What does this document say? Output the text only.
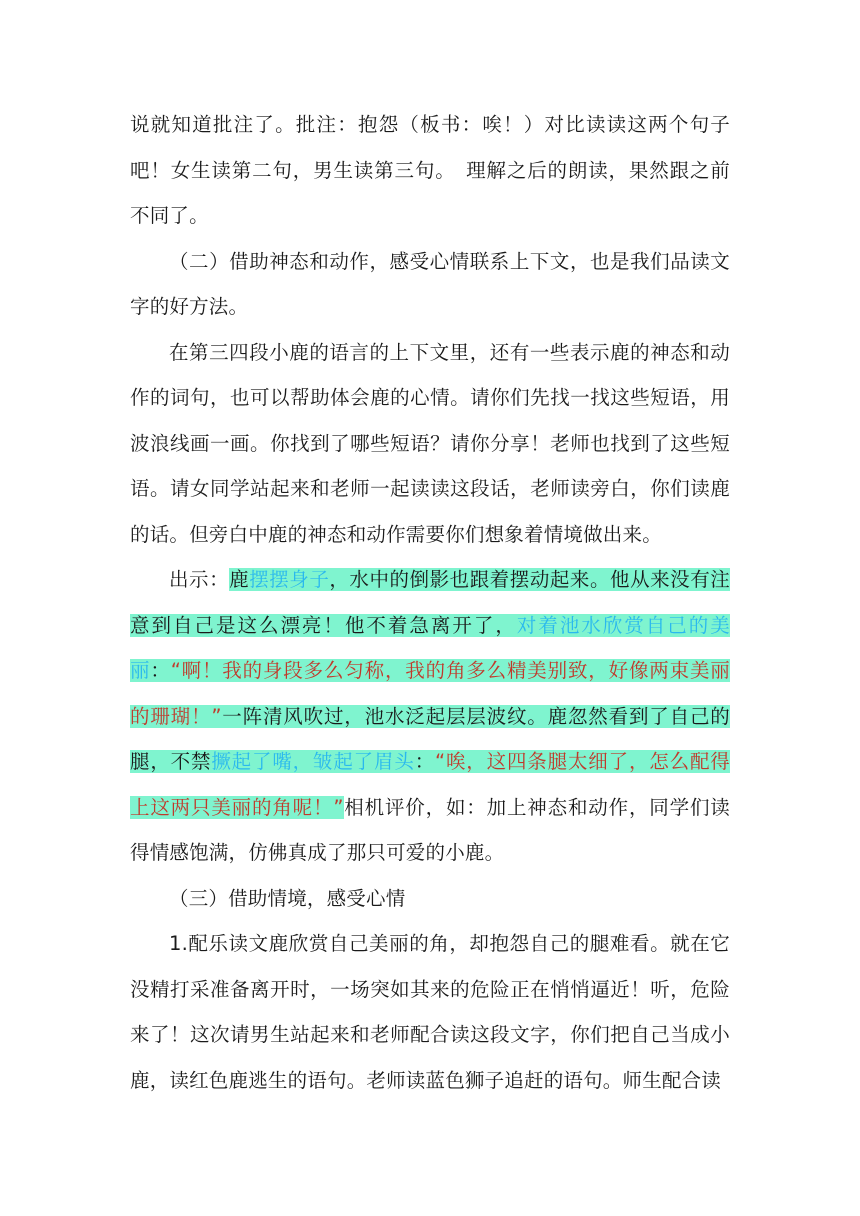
说就知道批注了。批注：抱怨（板书：唉！）对比读读这两个句子吧！女生读第二句，男生读第三句。　理解之后的朗读，果然跟之前不同了。

（二）借助神态和动作，感受心情联系上下文，也是我们品读文字的好方法。

在第三四段小鹿的语言的上下文里，还有一些表示鹿的神态和动作的词句，也可以帮助体会鹿的心情。请你们先找一找这些短语，用波浪线画一画。你找到了哪些短语？请你分享！老师也找到了这些短语。请女同学站起来和老师一起读读这段话，老师读旁白，你们读鹿的话。但旁白中鹿的神态和动作需要你们想象着情境做出来。

出示：鹿摆摆身子，水中的倒影也跟着摆动起来。他从来没有注意到自己是这么漂亮！他不着急离开了，对着池水欣赏自己的美丽：“啊！我的身段多么匀称，我的角多么精美别致，好像两束美丽的珊瑚！”一阵清风吹过，池水泛起层层波纹。鹿忽然看到了自己的腿，不禁撅起了嘴，皱起了眉头：“唉，这四条腿太细了，怎么配得上这两只美丽的角呢！”相机评价，如：加上神态和动作，同学们读得情感饱满，仿佛真成了那只可爱的小鹿。

（三）借助情境，感受心情

1.配乐读文鹿欣赏自己美丽的角，却抱怨自己的腿难看。就在它没精打采准备离开时，一场突如其来的危险正在悄悄逼近！听，危险来了！这次请男生站起来和老师配合读这段文字，你们把自己当成小鹿，读红色鹿逃生的语句。老师读蓝色狮子追赶的语句。师生配合读
